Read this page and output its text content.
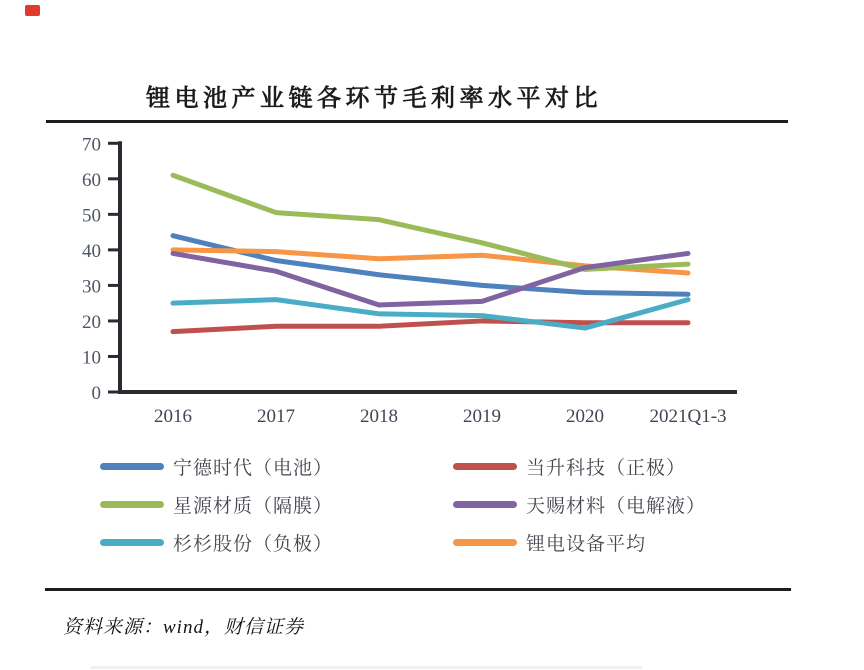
锂电池产业链各环节毛利率水平对比
0
10
20
30
40
50
60
70
2016	2017	2018	2019	2020 2021Q1-3
宁德时代（电池）	当升科技（正极）
星源材质（隔膜）	天赐材料（电解液）
杉杉股份（负极）	锂电设备平均
资料来源：wind，财信证券
